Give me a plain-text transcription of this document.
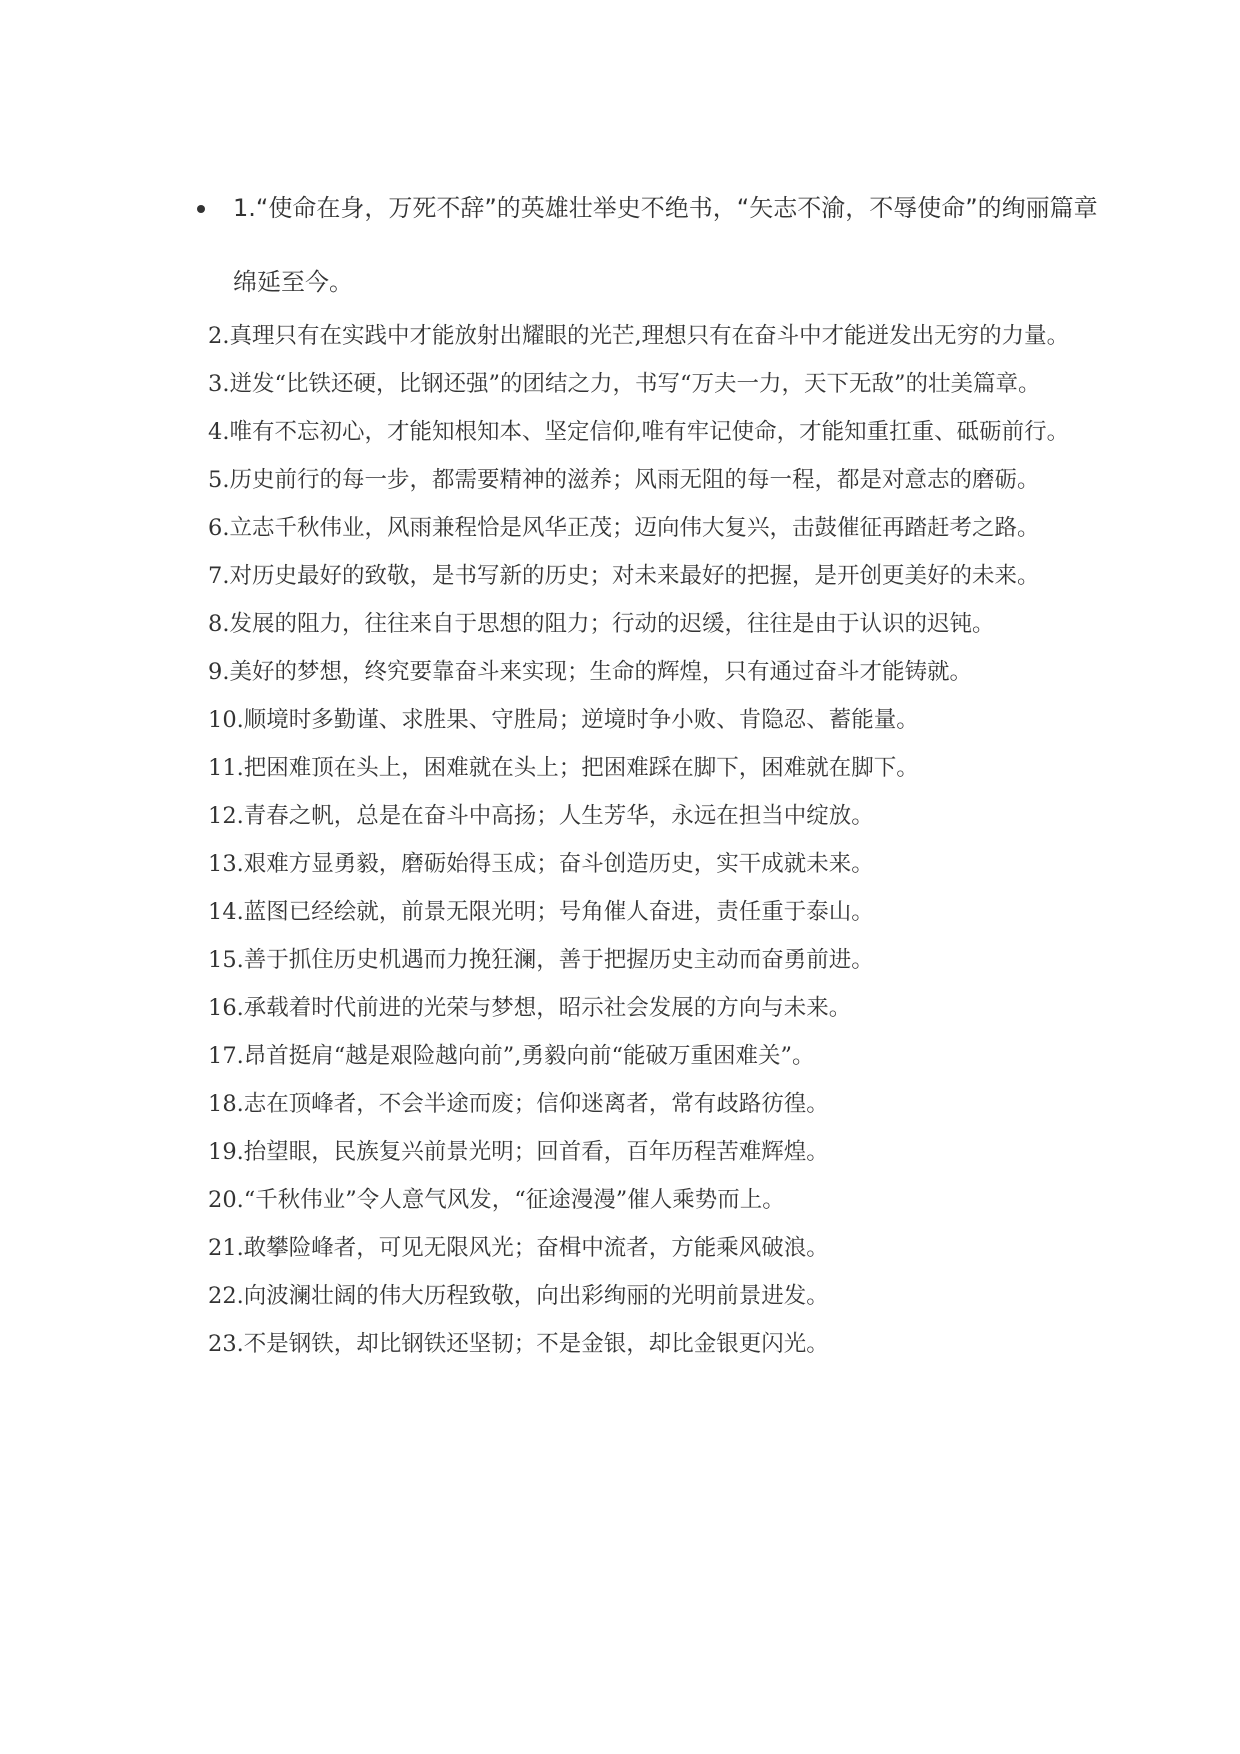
1.“使命在身，万死不辞”的英雄壮举史不绝书，“矢志不渝，不辱使命”的绚丽篇章绵延至今。

2.真理只有在实践中才能放射出耀眼的光芒,理想只有在奋斗中才能迸发出无穷的力量。

3.迸发“比铁还硬，比钢还强”的团结之力，书写“万夫一力，天下无敌”的壮美篇章。

4.唯有不忘初心，才能知根知本、坚定信仰,唯有牢记使命，才能知重扛重、砥砺前行。

5.历史前行的每一步，都需要精神的滋养；风雨无阻的每一程，都是对意志的磨砺。

6.立志千秋伟业，风雨兼程恰是风华正茂；迈向伟大复兴，击鼓催征再踏赶考之路。

7.对历史最好的致敬，是书写新的历史；对未来最好的把握，是开创更美好的未来。

8.发展的阻力，往往来自于思想的阻力；行动的迟缓，往往是由于认识的迟钝。

9.美好的梦想，终究要靠奋斗来实现；生命的辉煌，只有通过奋斗才能铸就。

10.顺境时多勤谨、求胜果、守胜局；逆境时争小败、肯隐忍、蓄能量。

11.把困难顶在头上，困难就在头上；把困难踩在脚下，困难就在脚下。

12.青春之帆，总是在奋斗中高扬；人生芳华，永远在担当中绽放。

13.艰难方显勇毅，磨砺始得玉成；奋斗创造历史，实干成就未来。

14.蓝图已经绘就，前景无限光明；号角催人奋进，责任重于泰山。

15.善于抓住历史机遇而力挽狂澜，善于把握历史主动而奋勇前进。

16.承载着时代前进的光荣与梦想，昭示社会发展的方向与未来。

17.昂首挺肩“越是艰险越向前”,勇毅向前“能破万重困难关”。

18.志在顶峰者，不会半途而废；信仰迷离者，常有歧路彷徨。

19.抬望眼，民族复兴前景光明；回首看，百年历程苦难辉煌。

20.“千秋伟业”令人意气风发，“征途漫漫”催人乘势而上。

21.敢攀险峰者，可见无限风光；奋楫中流者，方能乘风破浪。

22.向波澜壮阔的伟大历程致敬，向出彩绚丽的光明前景进发。

23.不是钢铁，却比钢铁还坚韧；不是金银，却比金银更闪光。
